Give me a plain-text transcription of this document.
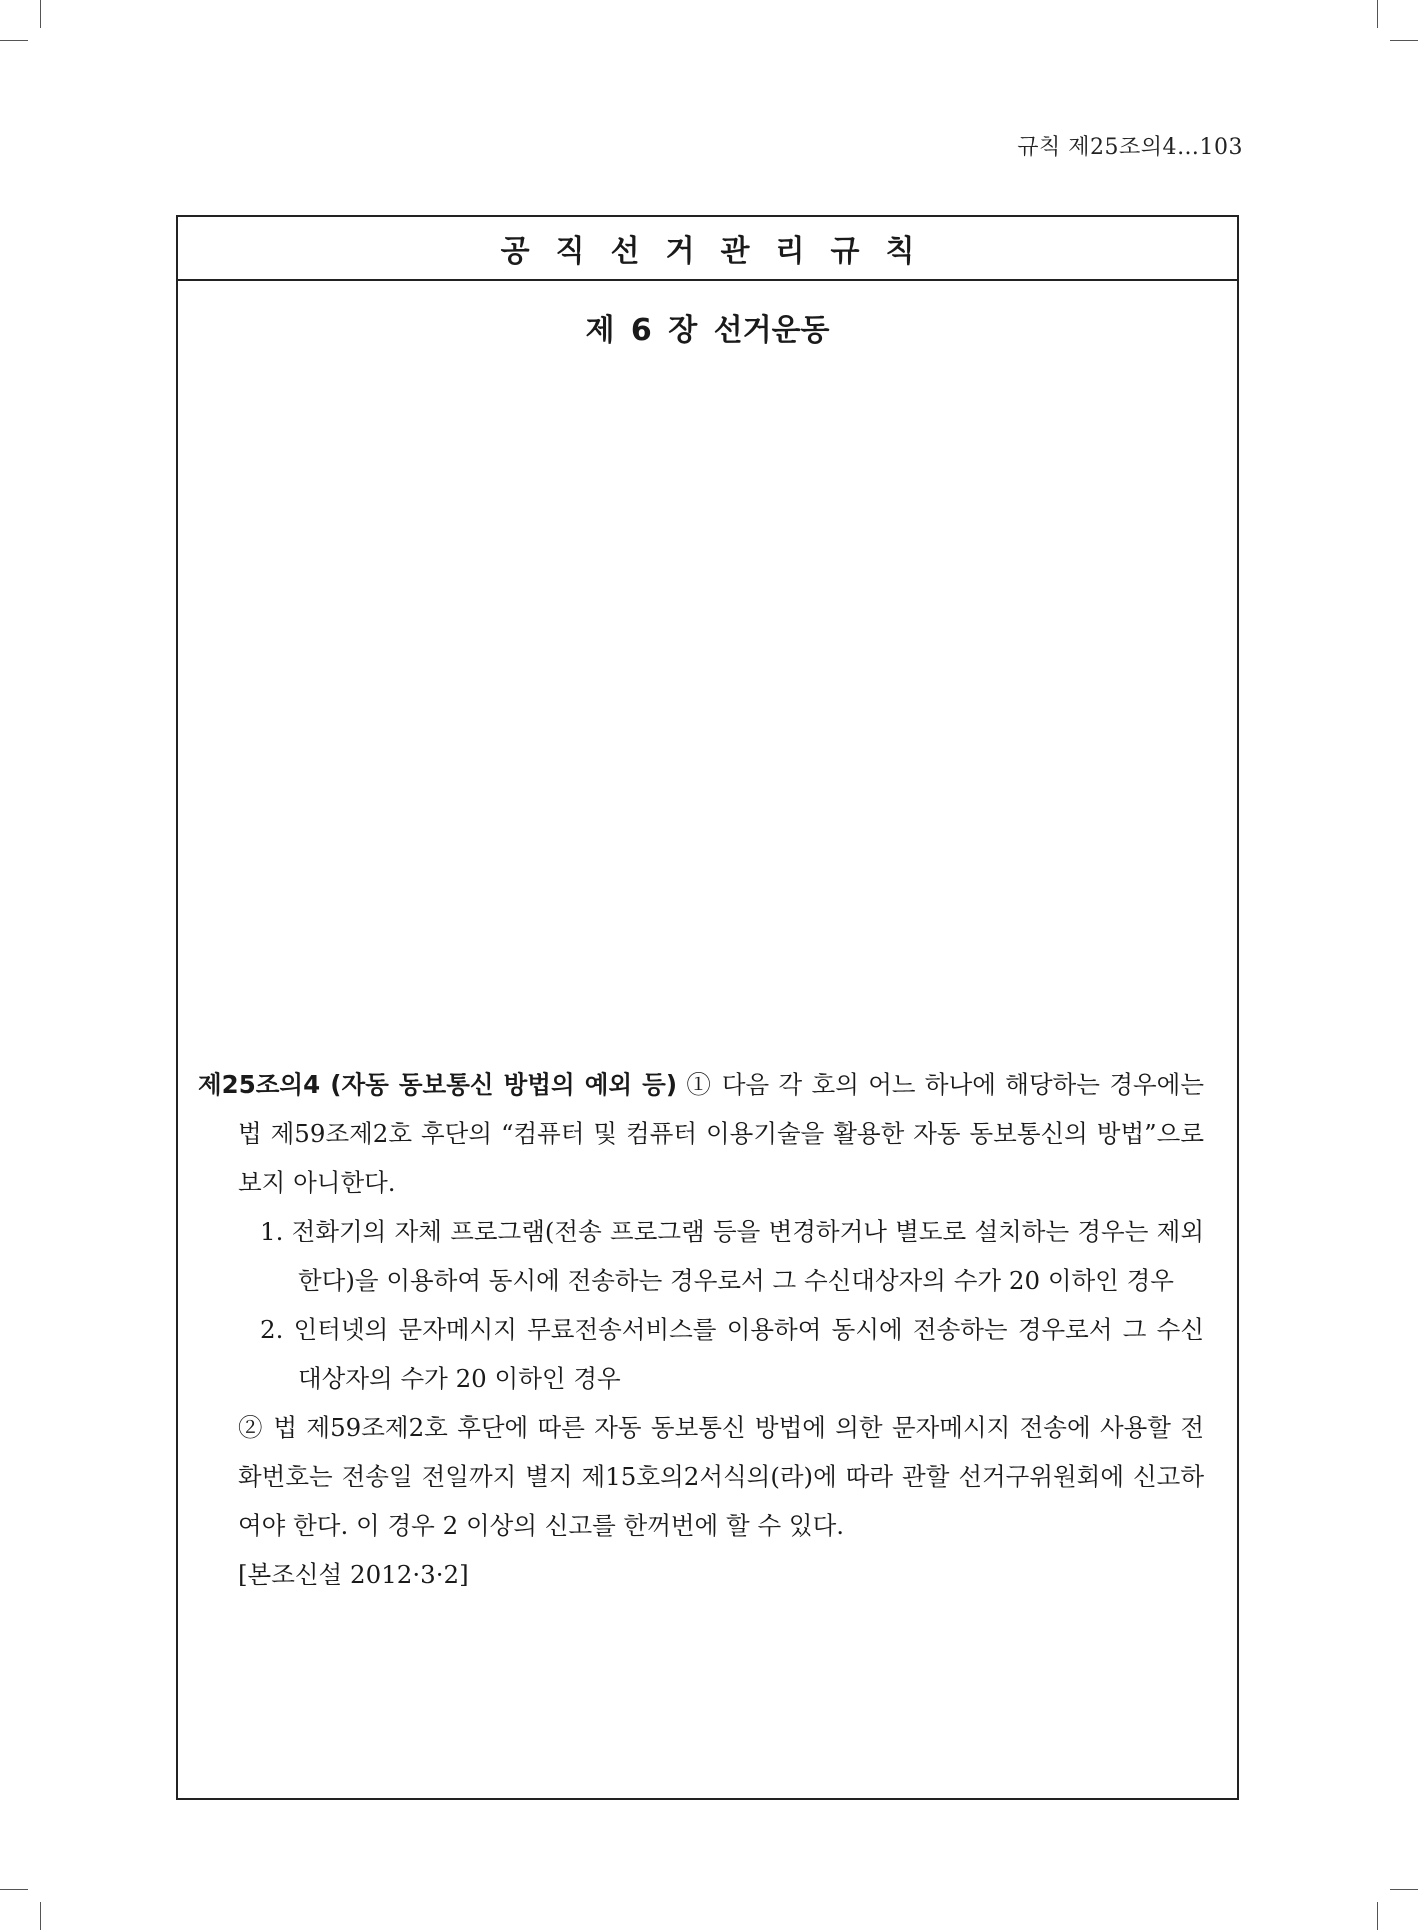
규칙 제25조의4…103
공직선거관리규칙
제 6 장 선거운동

제25조의4 (자동 동보통신 방법의 예외 등) ① 다음 각 호의 어느 하나에 해당하는 경우에는 법 제59조제2호 후단의 “컴퓨터 및 컴퓨터 이용기술을 활용한 자동 동보통신의 방법”으로 보지 아니한다.

1. 전화기의 자체 프로그램(전송 프로그램 등을 변경하거나 별도로 설치하는 경우는 제외한다)을 이용하여 동시에 전송하는 경우로서 그 수신대상자의 수가 20 이하인 경우

2. 인터넷의 문자메시지 무료전송서비스를 이용하여 동시에 전송하는 경우로서 그 수신대상자의 수가 20 이하인 경우

② 법 제59조제2호 후단에 따른 자동 동보통신 방법에 의한 문자메시지 전송에 사용할 전화번호는 전송일 전일까지 별지 제15호의2서식의(라)에 따라 관할 선거구위원회에 신고하여야 한다. 이 경우 2 이상의 신고를 한꺼번에 할 수 있다.

[본조신설 2012·3·2]
